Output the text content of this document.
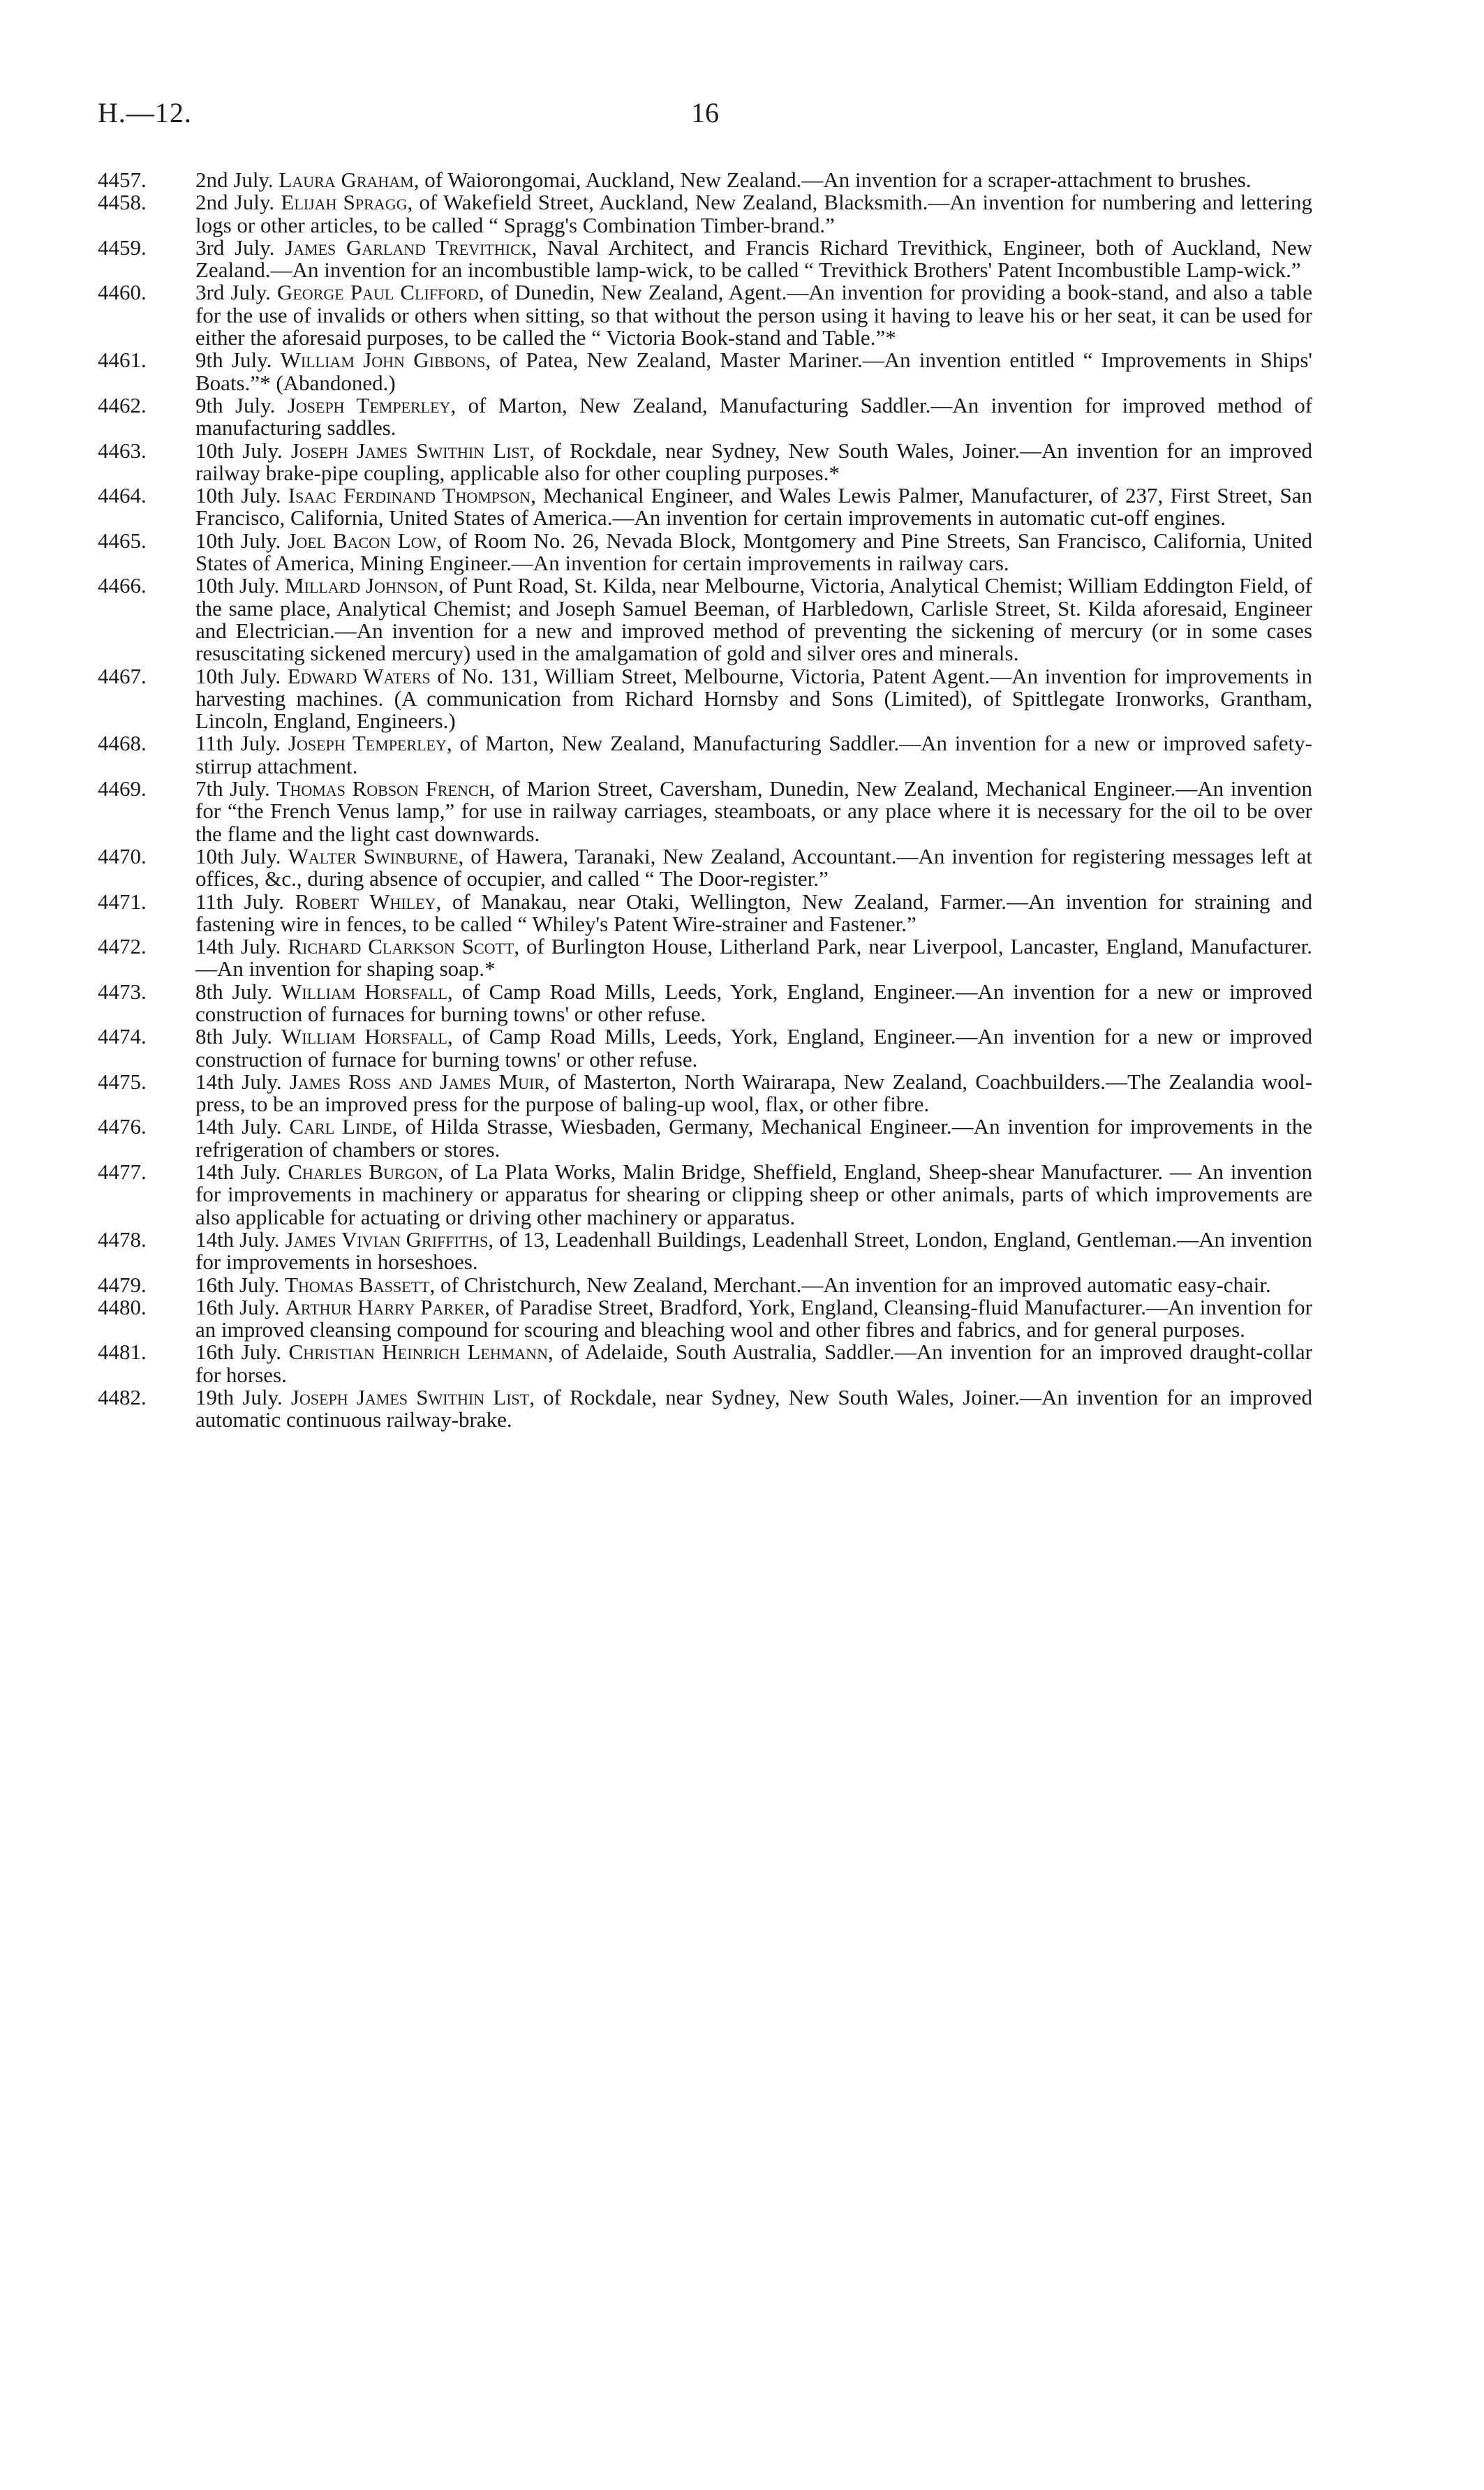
H.—12.	16

4457.	2nd July. Laura Graham, of Waiorongomai, Auckland, New Zealand.—An invention for a scraper-attachment to brushes.

4458.	2nd July. Elijah Spragg, of Wakefield Street, Auckland, New Zealand, Blacksmith.—An invention for numbering and lettering logs or other articles, to be called “ Spragg's Combination Timber-brand.”

4459.	3rd July. James Garland Trevithick, Naval Architect, and Francis Richard Trevithick, Engineer, both of Auckland, New Zealand.—An invention for an incombustible lamp-wick, to be called “ Trevithick Brothers' Patent Incombustible Lamp-wick.”

4460.	3rd July. George Paul Clifford, of Dunedin, New Zealand, Agent.—An invention for providing a book-stand, and also a table for the use of invalids or others when sitting, so that without the person using it having to leave his or her seat, it can be used for either the aforesaid purposes, to be called the “ Victoria Book-stand and Table.”*

4461.	9th July. William John Gibbons, of Patea, New Zealand, Master Mariner.—An invention entitled “ Improvements in Ships' Boats.”* (Abandoned.)

4462.	9th July. Joseph Temperley, of Marton, New Zealand, Manufacturing Saddler.—An invention for improved method of manufacturing saddles.

4463.	10th July. Joseph James Swithin List, of Rockdale, near Sydney, New South Wales, Joiner.—An invention for an improved railway brake-pipe coupling, applicable also for other coupling purposes.*

4464.	10th July. Isaac Ferdinand Thompson, Mechanical Engineer, and Wales Lewis Palmer, Manufacturer, of 237, First Street, San Francisco, California, United States of America.—An invention for certain improvements in automatic cut-off engines.

4465.	10th July. Joel Bacon Low, of Room No. 26, Nevada Block, Montgomery and Pine Streets, San Francisco, California, United States of America, Mining Engineer.—An invention for certain improvements in railway cars.

4466.	10th July. Millard Johnson, of Punt Road, St. Kilda, near Melbourne, Victoria, Analytical Chemist; William Eddington Field, of the same place, Analytical Chemist; and Joseph Samuel Beeman, of Harbledown, Carlisle Street, St. Kilda aforesaid, Engineer and Electrician.—An invention for a new and improved method of preventing the sickening of mercury (or in some cases resuscitating sickened mercury) used in the amalgamation of gold and silver ores and minerals.

4467.	10th July. Edward Waters of No. 131, William Street, Melbourne, Victoria, Patent Agent.—An invention for improvements in harvesting machines. (A communication from Richard Hornsby and Sons (Limited), of Spittlegate Ironworks, Grantham, Lincoln, England, Engineers.)

4468.	11th July. Joseph Temperley, of Marton, New Zealand, Manufacturing Saddler.—An invention for a new or improved safety-stirrup attachment.

4469.	7th July. Thomas Robson French, of Marion Street, Caversham, Dunedin, New Zealand, Mechanical Engineer.—An invention for “the French Venus lamp,” for use in railway carriages, steamboats, or any place where it is necessary for the oil to be over the flame and the light cast downwards.

4470.	10th July. Walter Swinburne, of Hawera, Taranaki, New Zealand, Accountant.—An invention for registering messages left at offices, &c., during absence of occupier, and called “ The Door-register.”

4471.	11th July. Robert Whiley, of Manakau, near Otaki, Wellington, New Zealand, Farmer.—An invention for straining and fastening wire in fences, to be called “ Whiley's Patent Wire-strainer and Fastener.”

4472.	14th July. Richard Clarkson Scott, of Burlington House, Litherland Park, near Liverpool, Lancaster, England, Manufacturer.—An invention for shaping soap.*

4473.	8th July. William Horsfall, of Camp Road Mills, Leeds, York, England, Engineer.—An invention for a new or improved construction of furnaces for burning towns' or other refuse.

4474.	8th July. William Horsfall, of Camp Road Mills, Leeds, York, England, Engineer.—An invention for a new or improved construction of furnace for burning towns' or other refuse.

4475.	14th July. James Ross and James Muir, of Masterton, North Wairarapa, New Zealand, Coachbuilders.—The Zealandia wool-press, to be an improved press for the purpose of baling-up wool, flax, or other fibre.

4476.	14th July. Carl Linde, of Hilda Strasse, Wiesbaden, Germany, Mechanical Engineer.—An invention for improvements in the refrigeration of chambers or stores.

4477.	14th July. Charles Burgon, of La Plata Works, Malin Bridge, Sheffield, England, Sheep-shear Manufacturer. — An invention for improvements in machinery or apparatus for shearing or clipping sheep or other animals, parts of which improvements are also applicable for actuating or driving other machinery or apparatus.

4478.	14th July. James Vivian Griffiths, of 13, Leadenhall Buildings, Leadenhall Street, London, England, Gentleman.—An invention for improvements in horseshoes.

4479.	16th July. Thomas Bassett, of Christchurch, New Zealand, Merchant.—An invention for an improved automatic easy-chair.

4480.	16th July. Arthur Harry Parker, of Paradise Street, Bradford, York, England, Cleansing-fluid Manufacturer.—An invention for an improved cleansing compound for scouring and bleaching wool and other fibres and fabrics, and for general purposes.

4481.	16th July. Christian Heinrich Lehmann, of Adelaide, South Australia, Saddler.—An invention for an improved draught-collar for horses.

4482.	19th July. Joseph James Swithin List, of Rockdale, near Sydney, New South Wales, Joiner.—An invention for an improved automatic continuous railway-brake.
